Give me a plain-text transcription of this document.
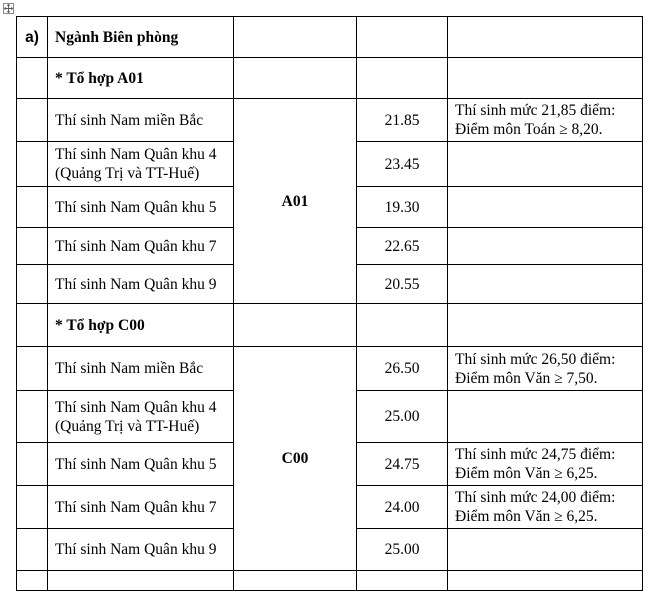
a)	Ngành Biên phòng			
	* Tổ hợp A01			
	Thí sinh Nam miền Bắc	A01	21.85	Thí sinh mức 21,85 điểm:
Điểm môn Toán ≥ 8,20.

	Thí sinh Nam Quân khu 4 (Quảng Trị và TT-Huế)		23.45	
	Thí sinh Nam Quân khu 5		19.30	
	Thí sinh Nam Quân khu 7		22.65	
	Thí sinh Nam Quân khu 9		20.55	
	* Tổ hợp C00			
	Thí sinh Nam miền Bắc	C00	26.50	Thí sinh mức 26,50 điểm:
Điểm môn Văn ≥ 7,50.

	Thí sinh Nam Quân khu 4 (Quảng Trị và TT-Huế)		25.00	
	Thí sinh Nam Quân khu 5		24.75	Thí sinh mức 24,75 điểm:
Điểm môn Văn ≥ 6,25.

	Thí sinh Nam Quân khu 7		24.00	Thí sinh mức 24,00 điểm:
Điểm môn Văn ≥ 6,25.

	Thí sinh Nam Quân khu 9		25.00	
